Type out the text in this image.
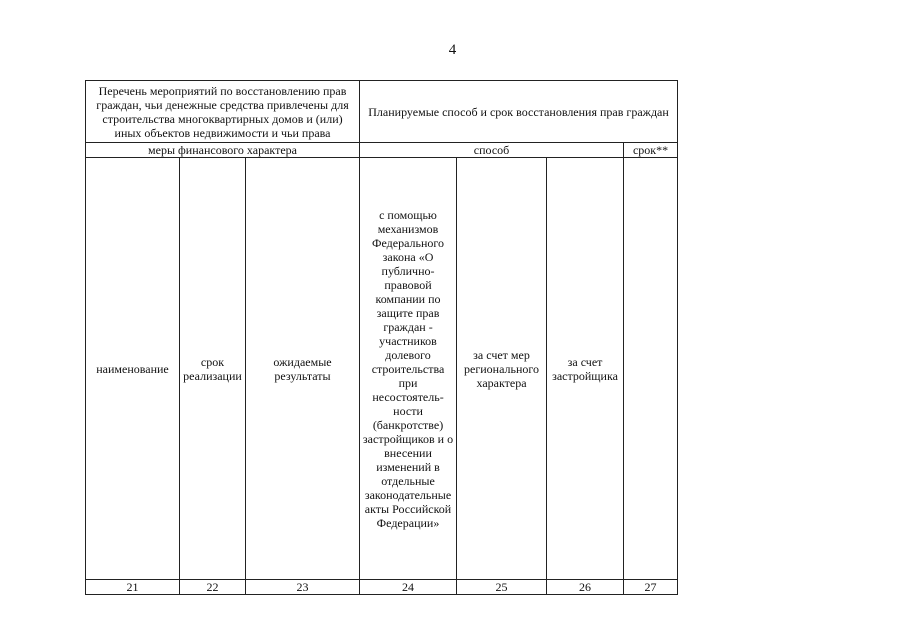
4
Перечень мероприятий по восстановлению прав граждан, чьи денежные средства привлечены для строительства многоквартирных домов и (или) иных объектов недвижимости и чьи права			Планируемые способ и срок восстановления прав граждан			
меры финансового характера			способ			срок**
наименование	срок реализации	ожидаемые результаты	с помощью механизмов Федерального закона «О публично-правовой компании по защите прав граждан - участников долевого строительства при несостоятель-ности (банкротстве) застройщиков и о внесении изменений в отдельные законодательные акты Российской Федерации»	за счет мер регионального характера	за счет застройщика	
21	22	23	24	25	26	27
